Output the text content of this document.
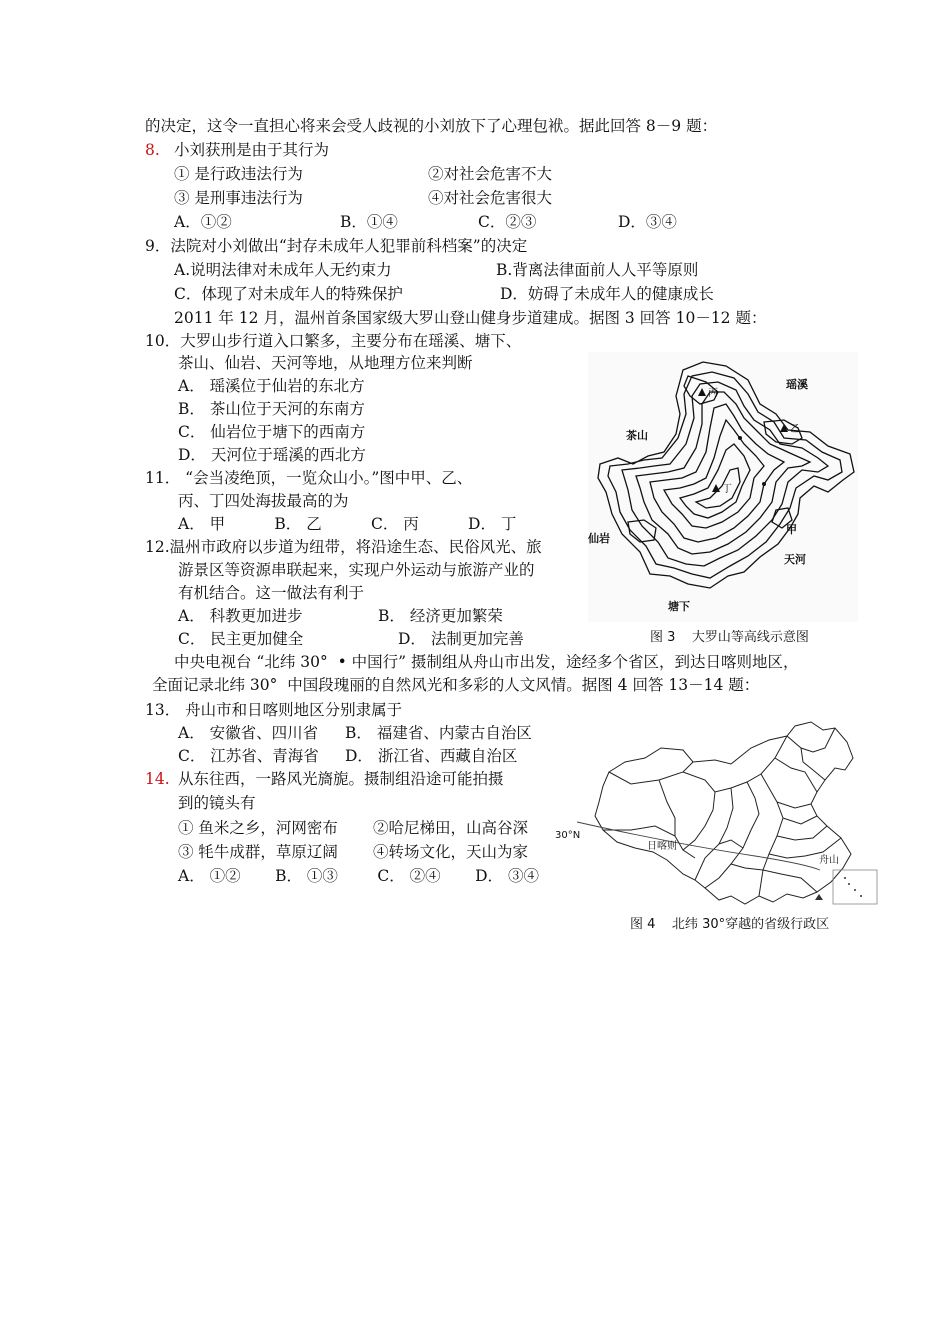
的决定，这令一直担心将来会受人歧视的小刘放下了心理包袱。据此回答 8－9 题：
8. 小刘获刑是由于其行为
① 是行政违法行为	②对社会危害不大
③ 是刑事违法行为	④对社会危害很大
A．①②	B．①④	C．②③	D．③④
9．法院对小刘做出“封存未成年人犯罪前科档案”的决定
A.说明法律对未成年人无约束力	B.背离法律面前人人平等原则
C．体现了对未成年人的特殊保护	D．妨碍了未成年人的健康成长
2011 年 12 月，温州首条国家级大罗山登山健身步道建成。据图 3 回答 10－12 题：
10．大罗山步行道入口繁多，主要分布在瑶溪、塘下、
茶山、仙岩、天河等地，从地理方位来判断
A． 瑶溪位于仙岩的东北方
B． 茶山位于天河的东南方
C． 仙岩位于塘下的西南方
D． 天河位于瑶溪的西北方
11． “会当凌绝顶，一览众山小。”图中甲、乙、
丙、丁四处海拔最高的为
A． 甲          B． 乙          C． 丙          D． 丁
12.温州市政府以步道为纽带，将沿途生态、民俗风光、旅
游景区等资源串联起来，实现户外运动与旅游产业的
有机结合。这一做法有利于
A． 科教更加进步	B． 经济更加繁荣
C． 民主更加健全	D． 法制更加完善
中央电视台 “北纬 30°  • 中国行” 摄制组从舟山市出发，途经多个省区，到达日喀则地区，
全面记录北纬 30°  中国段瑰丽的自然风光和多彩的人文风情。据图 4 回答 13－14 题：
13． 舟山市和日喀则地区分别隶属于
A． 安徽省、四川省 B． 福建省、内蒙古自治区
C． 江苏省、青海省 D． 浙江省、西藏自治区
14. 从东往西，一路风光旖旎。摄制组沿途可能拍摄
到的镜头有
① 鱼米之乡，河网密布 ②哈尼梯田，山高谷深
③ 牦牛成群，草原辽阔 ④转场文化，天山为家
A． ①②       B． ①③        C． ②④       D． ③④
丙
乙
丁
瑶溪
茶山
仙岩
甲
天河
塘下
图 3    大罗山等高线示意图
30°N
日喀则
舟山
图 4    北纬 30°穿越的省级行政区
